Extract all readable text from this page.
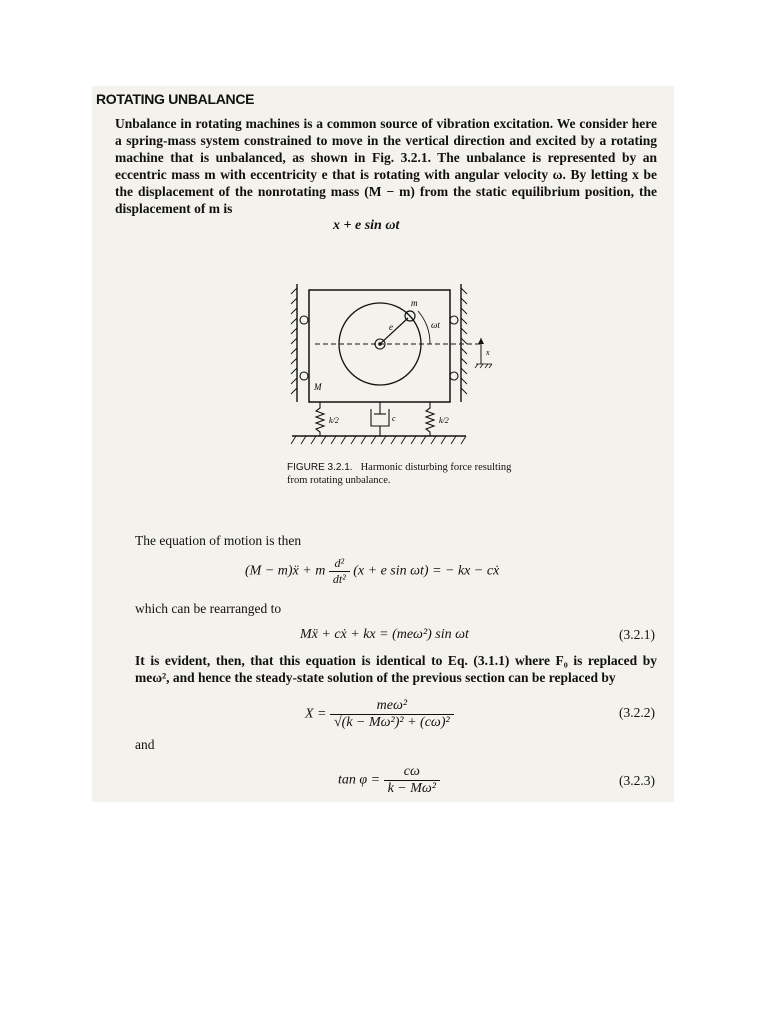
ROTATING UNBALANCE
Unbalance in rotating machines is a common source of vibration excitation. We consider here a spring-mass system constrained to move in the vertical direction and excited by a rotating machine that is unbalanced, as shown in Fig. 3.2.1. The unbalance is represented by an eccentric mass m with eccentricity e that is rotating with angular velocity ω. By letting x be the displacement of the nonrotating mass (M − m) from the static equilibrium position, the displacement of m is
x + e sin ωt
m
e	ωt
x
M
k/2	c	k/2
FIGURE 3.2.1. Harmonic disturbing force resulting from rotating unbalance.
The equation of motion is then
(M − m)ẍ + m $\frac{\text{d²}}{\text{dt²}} (x + e$ sin ωt) = − kx − cẋ
which can be rearranged to
Mẍ + cẋ + kx = (meω²) sin ωt	(3.2.1)
It is evident, then, that this equation is identical to Eq. (3.1.1) where F₀ is replaced by meω², and hence the steady-state solution of the previous section can be replaced by
$X = \frac{\text{meω²}}{\text{√(k − Mω²)² + (cω)²}}$	(3.2.2)
and
$\tan \varphi = \frac{c\omega}{\text{k − Mω²}}$	(3.2.3)
